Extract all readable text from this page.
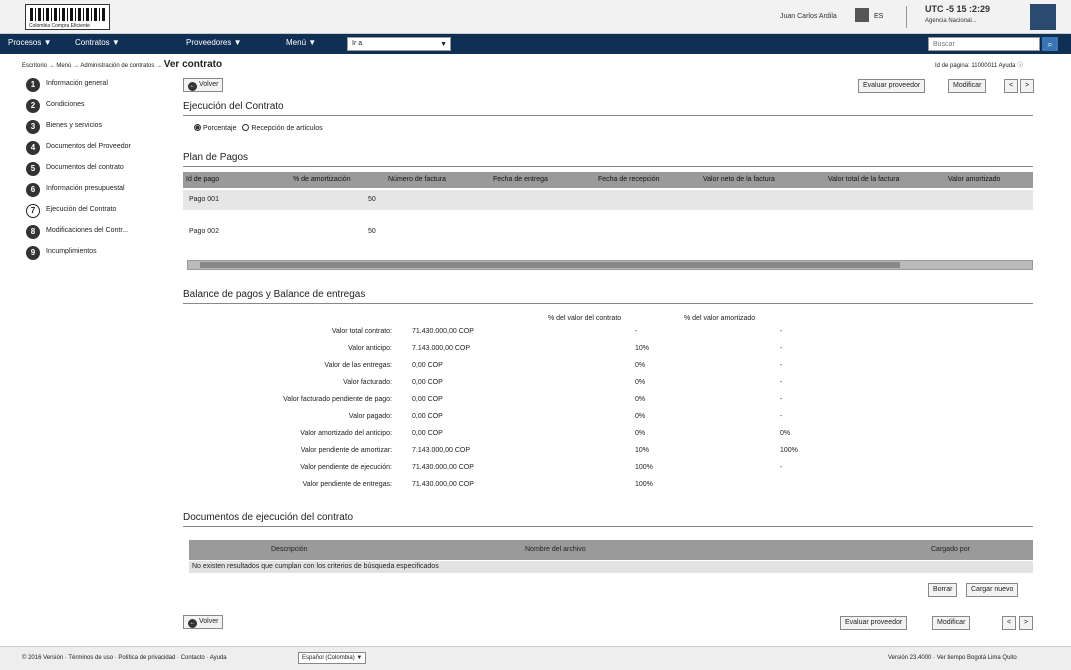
Colombia Compra Eficiente
Juan Carlos Ardila	ES
UTC -5 15 :2:29
Agencia Nacional...
Procesos ▼	Contratos ▼	Proveedores ▼	Menú ▼	Ir a	▼
Buscar	⌕
Escritorio → Menú → Administración de contratos → Ver contrato	Id de página: 11000011 Ayuda ⓘ
1	Información general
2	Condiciones
3	Bienes y servicios
4	Documentos del Proveedor
5	Documentos del contrato
6	Información presupuestal
7	Ejecución del Contrato
8	Modificaciones del Contr...
9	Incumplimientos
← Volver	Evaluar proveedor	Modificar	<	>
Ejecución del Contrato
Porcentaje Recepción de artículos
Plan de Pagos
Id de pago	% de amortización	Número de factura	Fecha de entrega	Fecha de recepción	Valor neto de la factura	Valor total de la factura	Valor amortizado
Pago 001	50
Pago 002	50
Balance de pagos y Balance de entregas
% del valor del contrato	% del valor amortizado
Valor total contrato:	71.430.000,00 COP	-	-
Valor anticipo:	7.143.000,00 COP	10%	-
Valor de las entregas:	0,00 COP	0%	-
Valor facturado:	0,00 COP	0%	-
Valor facturado pendiente de pago:	0,00 COP	0%	-
Valor pagado:	0,00 COP	0%	-
Valor amortizado del anticipo:	0,00 COP	0%	0%
Valor pendiente de amortizar:	7.143.000,00 COP	10%	100%
Valor pendiente de ejecución:	71.430.000,00 COP	100%	-
Valor pendiente de entregas:	71.430.000,00 COP	100%
Documentos de ejecución del contrato
Descripción	Nombre del archivo	Cargado por
No existen resultados que cumplan con los criterios de búsqueda especificados
Borrar	Cargar nuevo
← Volver	Evaluar proveedor	Modificar	<	>
© 2016 Versión · Términos de uso · Política de privacidad · Contacto · Ayuda	Español (Colombia) ▼	Versión 23.4000 · Ver tiempo Bogotá Lima Quito
